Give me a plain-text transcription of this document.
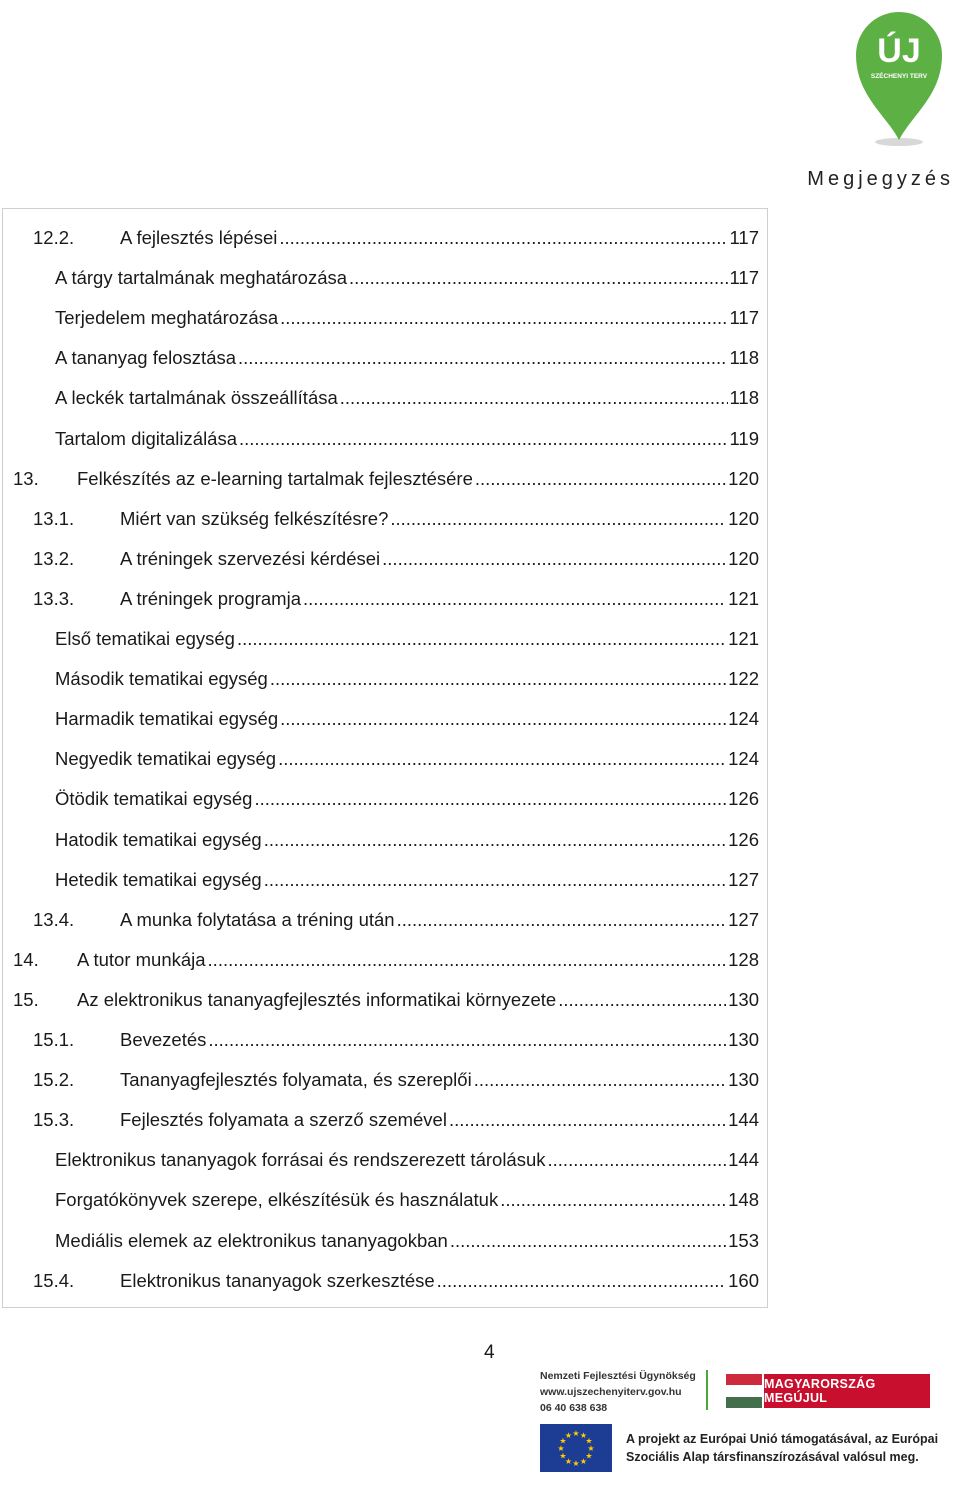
ÚJ
SZÉCHENYI TERV
Megjegyzés
12.2.	A fejlesztés lépései .....	117
A tárgy tartalmának meghatározása .....	117
Terjedelem meghatározása .....	117
A tananyag felosztása .....	118
A leckék tartalmának összeállítása .....	118
Tartalom digitalizálása .....	119
13.	Felkészítés az e-learning tartalmak fejlesztésére .....	120
13.1.	Miért van szükség felkészítésre? .....	120
13.2.	A tréningek szervezési kérdései .....	120
13.3.	A tréningek programja .....	121
Első tematikai egység .....	121
Második tematikai egység .....	122
Harmadik tematikai egység .....	124
Negyedik tematikai egység .....	124
Ötödik tematikai egység .....	126
Hatodik tematikai egység .....	126
Hetedik tematikai egység .....	127
13.4.	A munka folytatása a tréning után .....	127
14.	A tutor munkája .....	128
15.	Az elektronikus tananyagfejlesztés informatikai környezete .....	130
15.1.	Bevezetés .....	130
15.2.	Tananyagfejlesztés folyamata, és szereplői .....	130
15.3.	Fejlesztés folyamata a szerző szemével .....	144
Elektronikus tananyagok forrásai és rendszerezett tárolásuk .....	144
Forgatókönyvek szerepe, elkészítésük és használatuk .....	148
Mediális elemek az elektronikus tananyagokban .....	153
15.4.	Elektronikus tananyagok szerkesztése .....	160
4
Nemzeti Fejlesztési Ügynökség
www.ujszechenyiterv.gov.hu
06 40 638 638
MAGYARORSZÁG MEGÚJUL
★
★
★
★
★
★
★
★
★ ★ ★
★	A projekt az Európai Unió támogatásával, az Európai
Szociális Alap társfinanszírozásával valósul meg.
